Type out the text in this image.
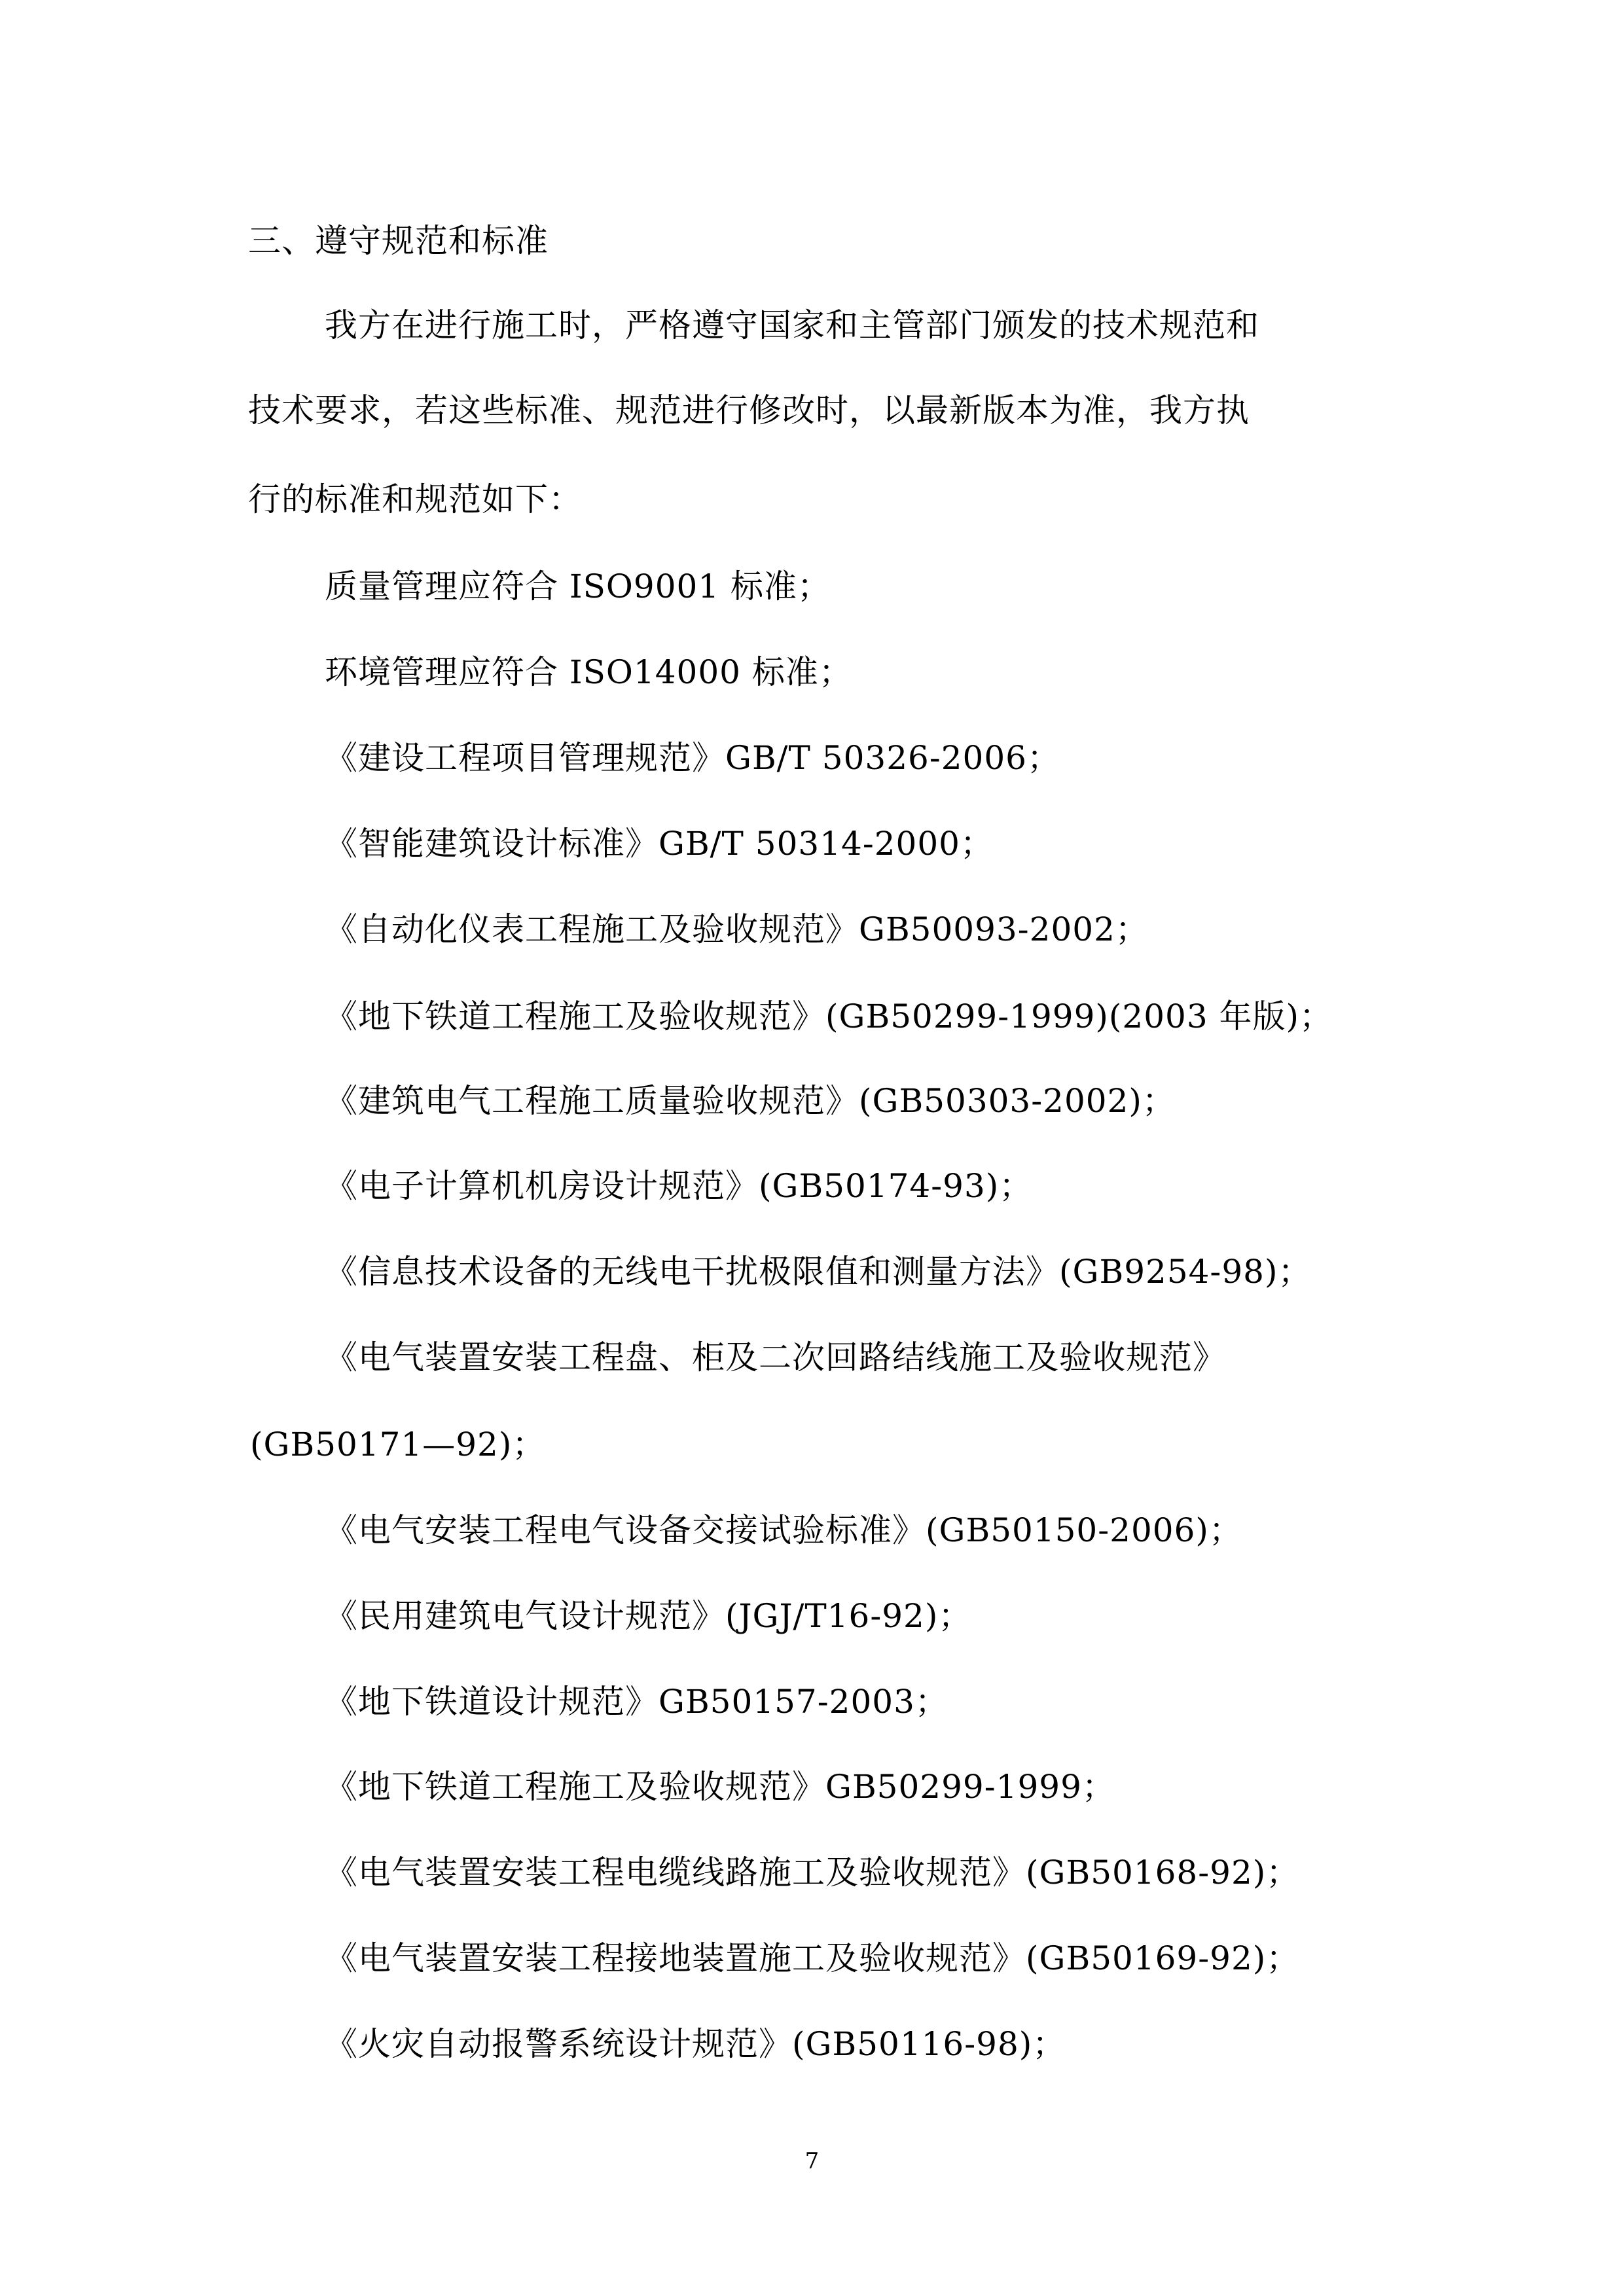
三、遵守规范和标准
我方在进行施工时，严格遵守国家和主管部门颁发的技术规范和
技术要求，若这些标准、规范进行修改时，以最新版本为准，我方执
行的标准和规范如下：
质量管理应符合 ISO9001 标准；
环境管理应符合 ISO14000 标准；
《建设工程项目管理规范》GB/T 50326-2006；
《智能建筑设计标准》GB/T 50314-2000；
《自动化仪表工程施工及验收规范》GB50093-2002；
《地下铁道工程施工及验收规范》(GB50299-1999)(2003 年版)；
《建筑电气工程施工质量验收规范》(GB50303-2002)；
《电子计算机机房设计规范》(GB50174-93)；
《信息技术设备的无线电干扰极限值和测量方法》(GB9254-98)；
《电气装置安装工程盘、柜及二次回路结线施工及验收规范》
(GB50171—92)；
《电气安装工程电气设备交接试验标准》(GB50150-2006)；
《民用建筑电气设计规范》(JGJ/T16-92)；
《地下铁道设计规范》GB50157-2003；
《地下铁道工程施工及验收规范》GB50299-1999；
《电气装置安装工程电缆线路施工及验收规范》(GB50168-92)；
《电气装置安装工程接地装置施工及验收规范》(GB50169-92)；
《火灾自动报警系统设计规范》(GB50116-98)；
7
